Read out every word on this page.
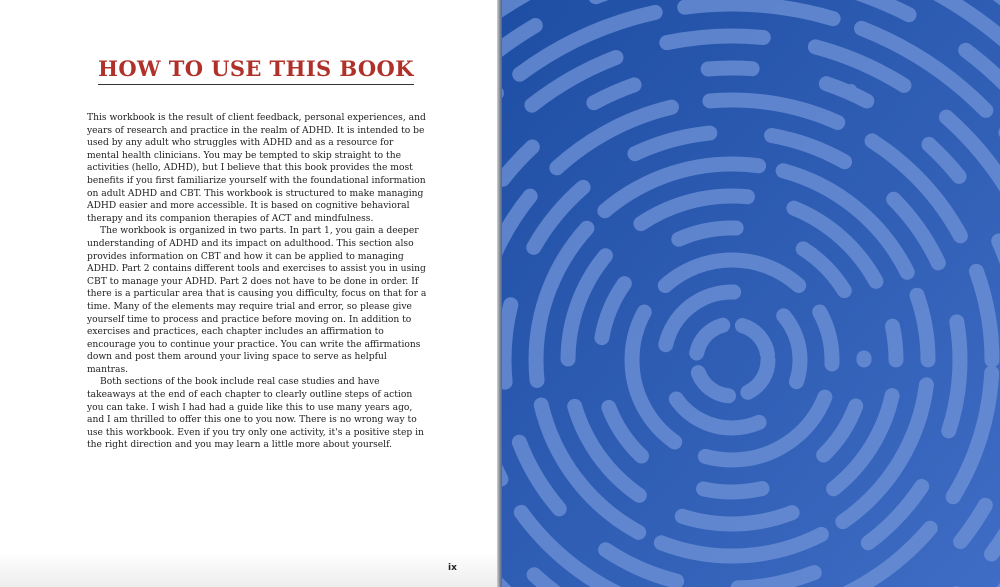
HOW TO USE THIS BOOK

This workbook is the result of client feedback, personal experiences, and years of research and practice in the realm of ADHD. It is intended to be used by any adult who struggles with ADHD and as a resource for mental health clinicians. You may be tempted to skip straight to the activities (hello, ADHD), but I believe that this book provides the most benefits if you first familiarize yourself with the foundational information on adult ADHD and CBT. This workbook is structured to make managing ADHD easier and more accessible. It is based on cognitive behavioral therapy and its companion therapies of ACT and mindfulness.

The workbook is organized in two parts. In part 1, you gain a deeper understanding of ADHD and its impact on adulthood. This section also provides information on CBT and how it can be applied to managing ADHD. Part 2 contains different tools and exercises to assist you in using CBT to manage your ADHD. Part 2 does not have to be done in order. If there is a particular area that is causing you difficulty, focus on that for a time. Many of the elements may require trial and error, so please give yourself time to process and practice before moving on. In addition to exercises and practices, each chapter includes an affirmation to encourage you to continue your practice. You can write the affirmations down and post them around your living space to serve as helpful mantras.

Both sections of the book include real case studies and have takeaways at the end of each chapter to clearly outline steps of action you can take. I wish I had had a guide like this to use many years ago, and I am thrilled to offer this one to you now. There is no wrong way to use this workbook. Even if you try only one activity, it's a positive step in the right direction and you may learn a little more about yourself.

ix
